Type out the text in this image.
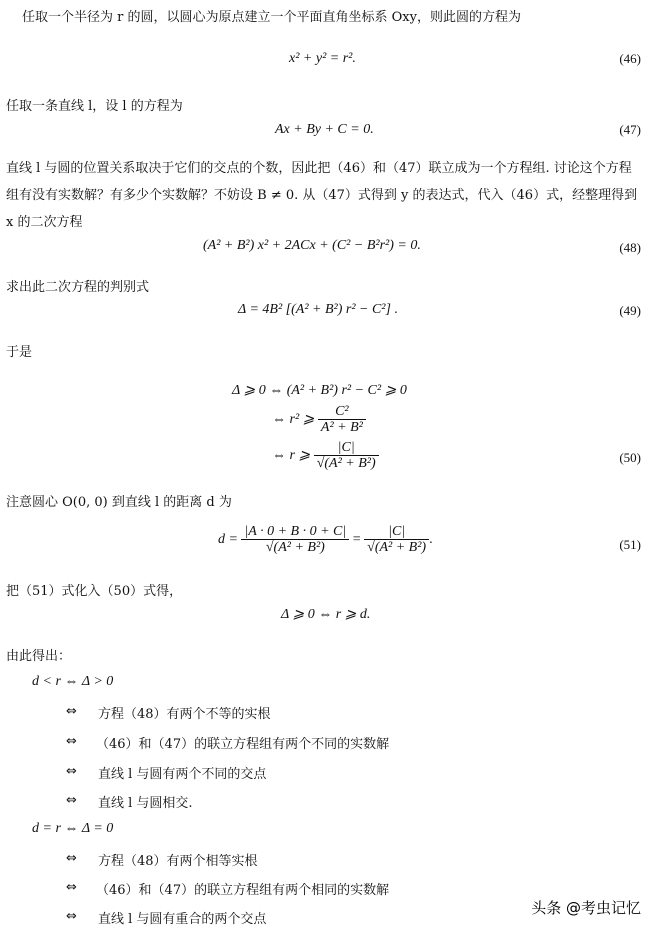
任取一个半径为 r 的圆，以圆心为原点建立一个平面直角坐标系 Oxy，则此圆的方程为
x² + y² = r².	(46)
任取一条直线 l，设 l 的方程为
Ax + By + C = 0.	(47)
直线 l 与圆的位置关系取决于它们的交点的个数，因此把（46）和（47）联立成为一个方程组. 讨论这个方程
组有没有实数解？有多少个实数解？不妨设 B ≠ 0. 从（47）式得到 y 的表达式，代入（46）式，经整理得到
x 的二次方程
(A² + B²) x² + 2ACx + (C² − B²r²) = 0.	(48)
求出此二次方程的判别式
Δ = 4B² [(A² + B²) r² − C²] .	(49)
于是
Δ ⩾ 0 ⇔ (A² + B²) r² − C² ⩾ 0
⇔ r² ⩾ $\frac{\text{C²}}{\text{A² + B²}}$
⇔ r ⩾ $\frac{|C|}{\text{√(A² + B²)}}$	(50)
注意圆心 O(0, 0) 到直线 l 的距离 d 为
$d = \frac{|A \cdot 0 + B \cdot 0 + C|}{\text{√(A² + B²)}} = \frac{|C|}{\text{√(A² + B²)}}$ .	(51)
把（51）式化入（50）式得，
Δ ⩾ 0 ⇔ r ⩾ d.
由此得出：
d < r ⇔ Δ > 0
⇔ 方程（48）有两个不等的实根
⇔ （46）和（47）的联立方程组有两个不同的实数解
⇔ 直线 l 与圆有两个不同的交点
⇔ 直线 l 与圆相交.
d = r ⇔ Δ = 0
⇔ 方程（48）有两个相等实根
⇔ （46）和（47）的联立方程组有两个相同的实数解
⇔ 直线 l 与圆有重合的两个交点
头条 @考虫记忆
